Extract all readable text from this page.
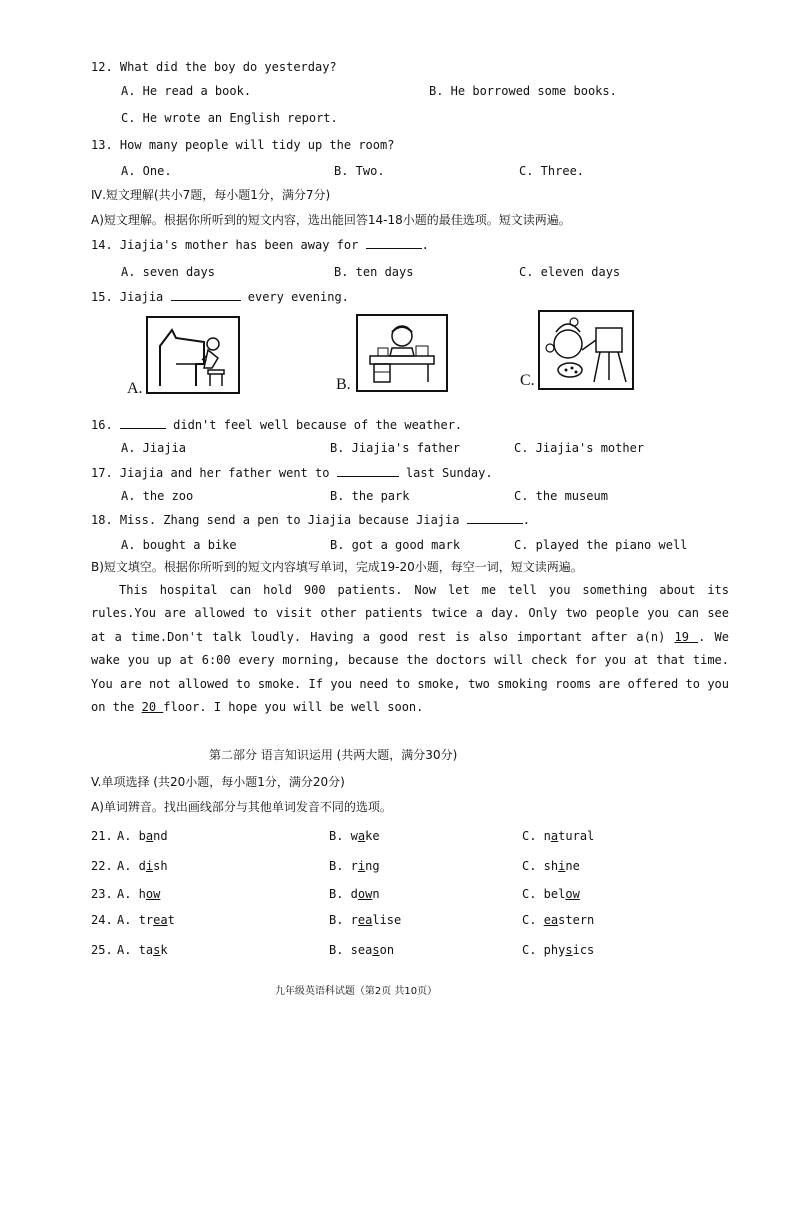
12. What did the boy do yesterday?
A. He read a book.	B. He borrowed some books.
C. He wrote an English report.
13. How many people will tidy up the room?
A. One.	B. Two.	C. Three.
Ⅳ.短文理解(共小7题，每小题1分，满分7分)
A)短文理解。根据你所听到的短文内容，选出能回答14-18小题的最佳选项。短文读两遍。
14. Jiajia's mother has been away for	.
A. seven days	B. ten days	C. eleven days
15. Jiajia	every evening.
A.	B.	C.
16.	didn't feel well because of the weather.
A. Jiajia	B. Jiajia's father	C. Jiajia's mother
17. Jiajia and her father went to	last Sunday.
A. the zoo	B. the park	C. the museum
18. Miss. Zhang send a pen to Jiajia because Jiajia	.
A. bought a bike	B. got a good mark	C. played the piano well
B)短文填空。根据你所听到的短文内容填写单词，完成19-20小题，每空一词，短文读两遍。
This hospital can hold 900 patients. Now let me tell you something about its rules.You are allowed to visit other patients twice a day. Only two people you can see at a time.Don't talk loudly. Having a good rest is also important after a(n) 19 . We wake you up at 6:00 every morning, because the doctors will check for you at that time. You are not allowed to smoke. If you need to smoke, two smoking rooms are offered to you on the 20 floor. I hope you will be well soon.
第二部分 语言知识运用 (共两大题，满分30分)
V.单项选择 (共20小题，每小题1分，满分20分)
A)单词辨音。找出画线部分与其他单词发音不同的选项。
21. A. band	B. wake	C. natural
22. A. dish	B. ring	C. shine
23. A. how	B. down	C. below
24. A. treat	B. realise	C. eastern
25. A. task	B. season	C. physics
九年级英语科试题（第2页 共10页）
